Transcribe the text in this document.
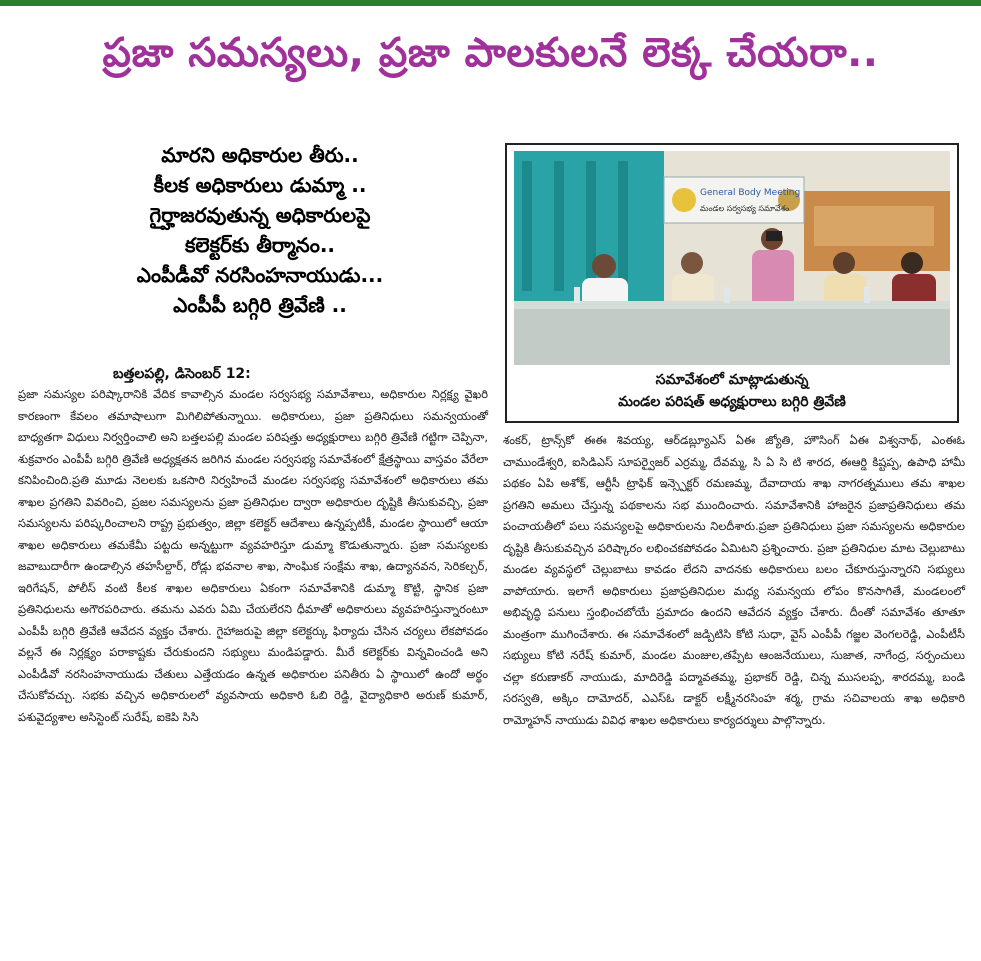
ప్రజా సమస్యలు, ప్రజా పాలకులనే లెక్క చేయరా..
మారని అధికారుల తీరు..
కీలక అధికారులు డుమ్మా ..
గైర్హాజరవుతున్న అధికారులపై
కలెక్టర్‌కు తీర్మానం..
ఎంపీడీవో నరసింహనాయుడు...
ఎంపీపీ బగ్గిరి త్రివేణి ..
బత్తలపల్లి, డిసెంబర్ 12:
ప్రజా సమస్యల పరిష్కారానికి వేదిక కావాల్సిన మండల సర్వసభ్య సమావేశాలు, అధికారుల నిర్లక్ష్య వైఖరి కారణంగా కేవలం తమాషాలుగా మిగిలిపోతున్నాయి. అధికారులు, ప్రజా ప్రతినిధులు సమన్వయంతో బాధ్యతగా విధులు నిర్వర్తించాలి అని బత్తలపల్లి మండల పరిషత్తు అధ్యక్షురాలు బగ్గిరి త్రివేణి గట్టిగా చెప్పినా, శుక్రవారం ఎంపీపీ బగ్గిరి త్రివేణి అధ్యక్షతన జరిగిన మండల సర్వసభ్య సమావేశంలో క్షేత్రస్థాయి వాస్తవం వేరేలా కనిపించింది.ప్రతి మూడు నెలలకు ఒకసారి నిర్వహించే మండల సర్వసభ్య సమావేశంలో అధికారులు తమ శాఖల ప్రగతిని వివరించి, ప్రజల సమస్యలను ప్రజా ప్రతినిధుల ద్వారా అధికారుల దృష్టికి తీసుకువచ్చి, ప్రజా సమస్యలను పరిష్కరించాలని రాష్ట్ర ప్రభుత్వం, జిల్లా కలెక్టర్ ఆదేశాలు ఉన్నప్పటికీ, మండల స్థాయిలో ఆయా శాఖల అధికారులు తమకేమీ పట్టదు అన్నట్టుగా వ్యవహరిస్తూ డుమ్మా కొడుతున్నారు. ప్రజా సమస్యలకు జవాబుదారీగా ఉండాల్సిన తహసీల్దార్, రోడ్లు భవనాల శాఖ, సాంఘిక సంక్షేమ శాఖ, ఉద్యానవన, సెరికల్చర్, ఇరిగేషన్, పోలీస్ వంటి కీలక శాఖల అధికారులు ఏకంగా సమావేశానికి డుమ్మా కొట్టి, స్థానిక ప్రజా ప్రతినిధులను అగౌరపరిచారు. తమను ఎవరు ఏమి చేయలేరని ధీమాతో అధికారులు వ్యవహరిస్తున్నారంటూ ఎంపీపీ బగ్గిరి త్రివేణి ఆవేదన వ్యక్తం చేశారు. గైహాజరుపై జిల్లా కలెక్టర్కు ఫిర్యాదు చేసిన చర్యలు లేకపోవడం వల్లనే ఈ నిర్లక్ష్యం పరాకాష్టకు చేరుకుందని సభ్యులు మండిపడ్డారు. మీరే కలెక్టర్‌కు విన్నవించండి అని ఎంపీడీవో నరసింహనాయుడు చేతులు ఎత్తేయడం ఉన్నత అధికారుల పనితీరు ఏ స్థాయిలో ఉందో అర్థం చేసుకోవచ్చు. సభకు వచ్చిన అధికారులలో వ్యవసాయ అధికారి ఓబి రెడ్డి, వైద్యాధికారి అరుణ్ కుమార్, పశువైద్యశాల అసిస్టెంట్ సురేష్, ఐకెపి సిసి
General Body Meeting
మండల సర్వసభ్య సమావేశం
సమావేశంలో మాట్లాడుతున్న
మండల పరిషత్ అధ్యక్షురాలు బగ్గిరి త్రివేణి
శంకర్, ట్రాన్స్‌కో ఈఈ శివయ్య, ఆర్‌డబ్ల్యూఎస్ ఏఈ జ్యోతి, హౌసింగ్ ఏఈ విశ్వనాథ్, ఎంఈఓ చాముండేశ్వరి, ఐసిడిఎస్ సూపర్వైజర్ ఎర్రమ్మ, దేవమ్మ, సి ఏ సి టి శారద, ఈఆర్డి కిష్టప్ప, ఉపాధి హామీ పథకం ఏపి అశోక్, ఆర్టీసీ ట్రాఫిక్ ఇన్స్పెక్టర్ రమణమ్మ, దేవాదాయ శాఖ నాగరత్నములు తమ శాఖల ప్రగతిని అమలు చేస్తున్న పథకాలను సభ ముందించారు. సమావేశానికి హాజరైన ప్రజాప్రతినిధులు తమ పంచాయతీలో పలు సమస్యలపై అధికారులను నిలదీశారు.ప్రజా ప్రతినిధులు ప్రజా సమస్యలను అధికారుల దృష్టికి తీసుకువచ్చిన పరిష్కారం లభించకపోవడం ఏమిటని ప్రశ్నించారు. ప్రజా ప్రతినిధుల మాట చెల్లుబాటు మండల వ్యవస్థలో చెల్లుబాటు కావడం లేదని వాదనకు అధికారులు బలం చేకూరుస్తున్నారని సభ్యులు వాపోయారు. ఇలాగే అధికారులు ప్రజాప్రతినిధుల మధ్య సమన్వయ లోపం కొనసాగితే, మండలంలో అభివృద్ధి పనులు స్తంభించబోయే ప్రమాదం ఉందని ఆవేదన వ్యక్తం చేశారు. దీంతో సమావేశం తూతూ మంత్రంగా ముగించేశారు. ఈ సమావేశంలో జడ్పిటిసి కోటి సుధా, వైస్ ఎంపీపీ గజ్జల వెంగలరెడ్డి, ఎంపీటీసీ సభ్యులు కోటి నరేష్ కుమార్, మండల మంజుల,తప్పేట ఆంజనేయులు, సుజాత, నాగేంద్ర, సర్పంచులు చల్లా కరుణాకర్ నాయుడు, మాదిరెడ్డి పద్మావతమ్మ, ప్రభాకర్ రెడ్డి, చిన్న ముసలప్ప, శారదమ్మ, బండి సరస్వతి, అక్కిం దామోదర్, ఎఎస్ఓ డాక్టర్ లక్ష్మీనరసింహ శర్మ, గ్రామ సచివాలయ శాఖ అధికారి రామ్మోహన్ నాయుడు వివిధ శాఖల అధికారులు కార్యదర్శులు పాల్గొన్నారు.
